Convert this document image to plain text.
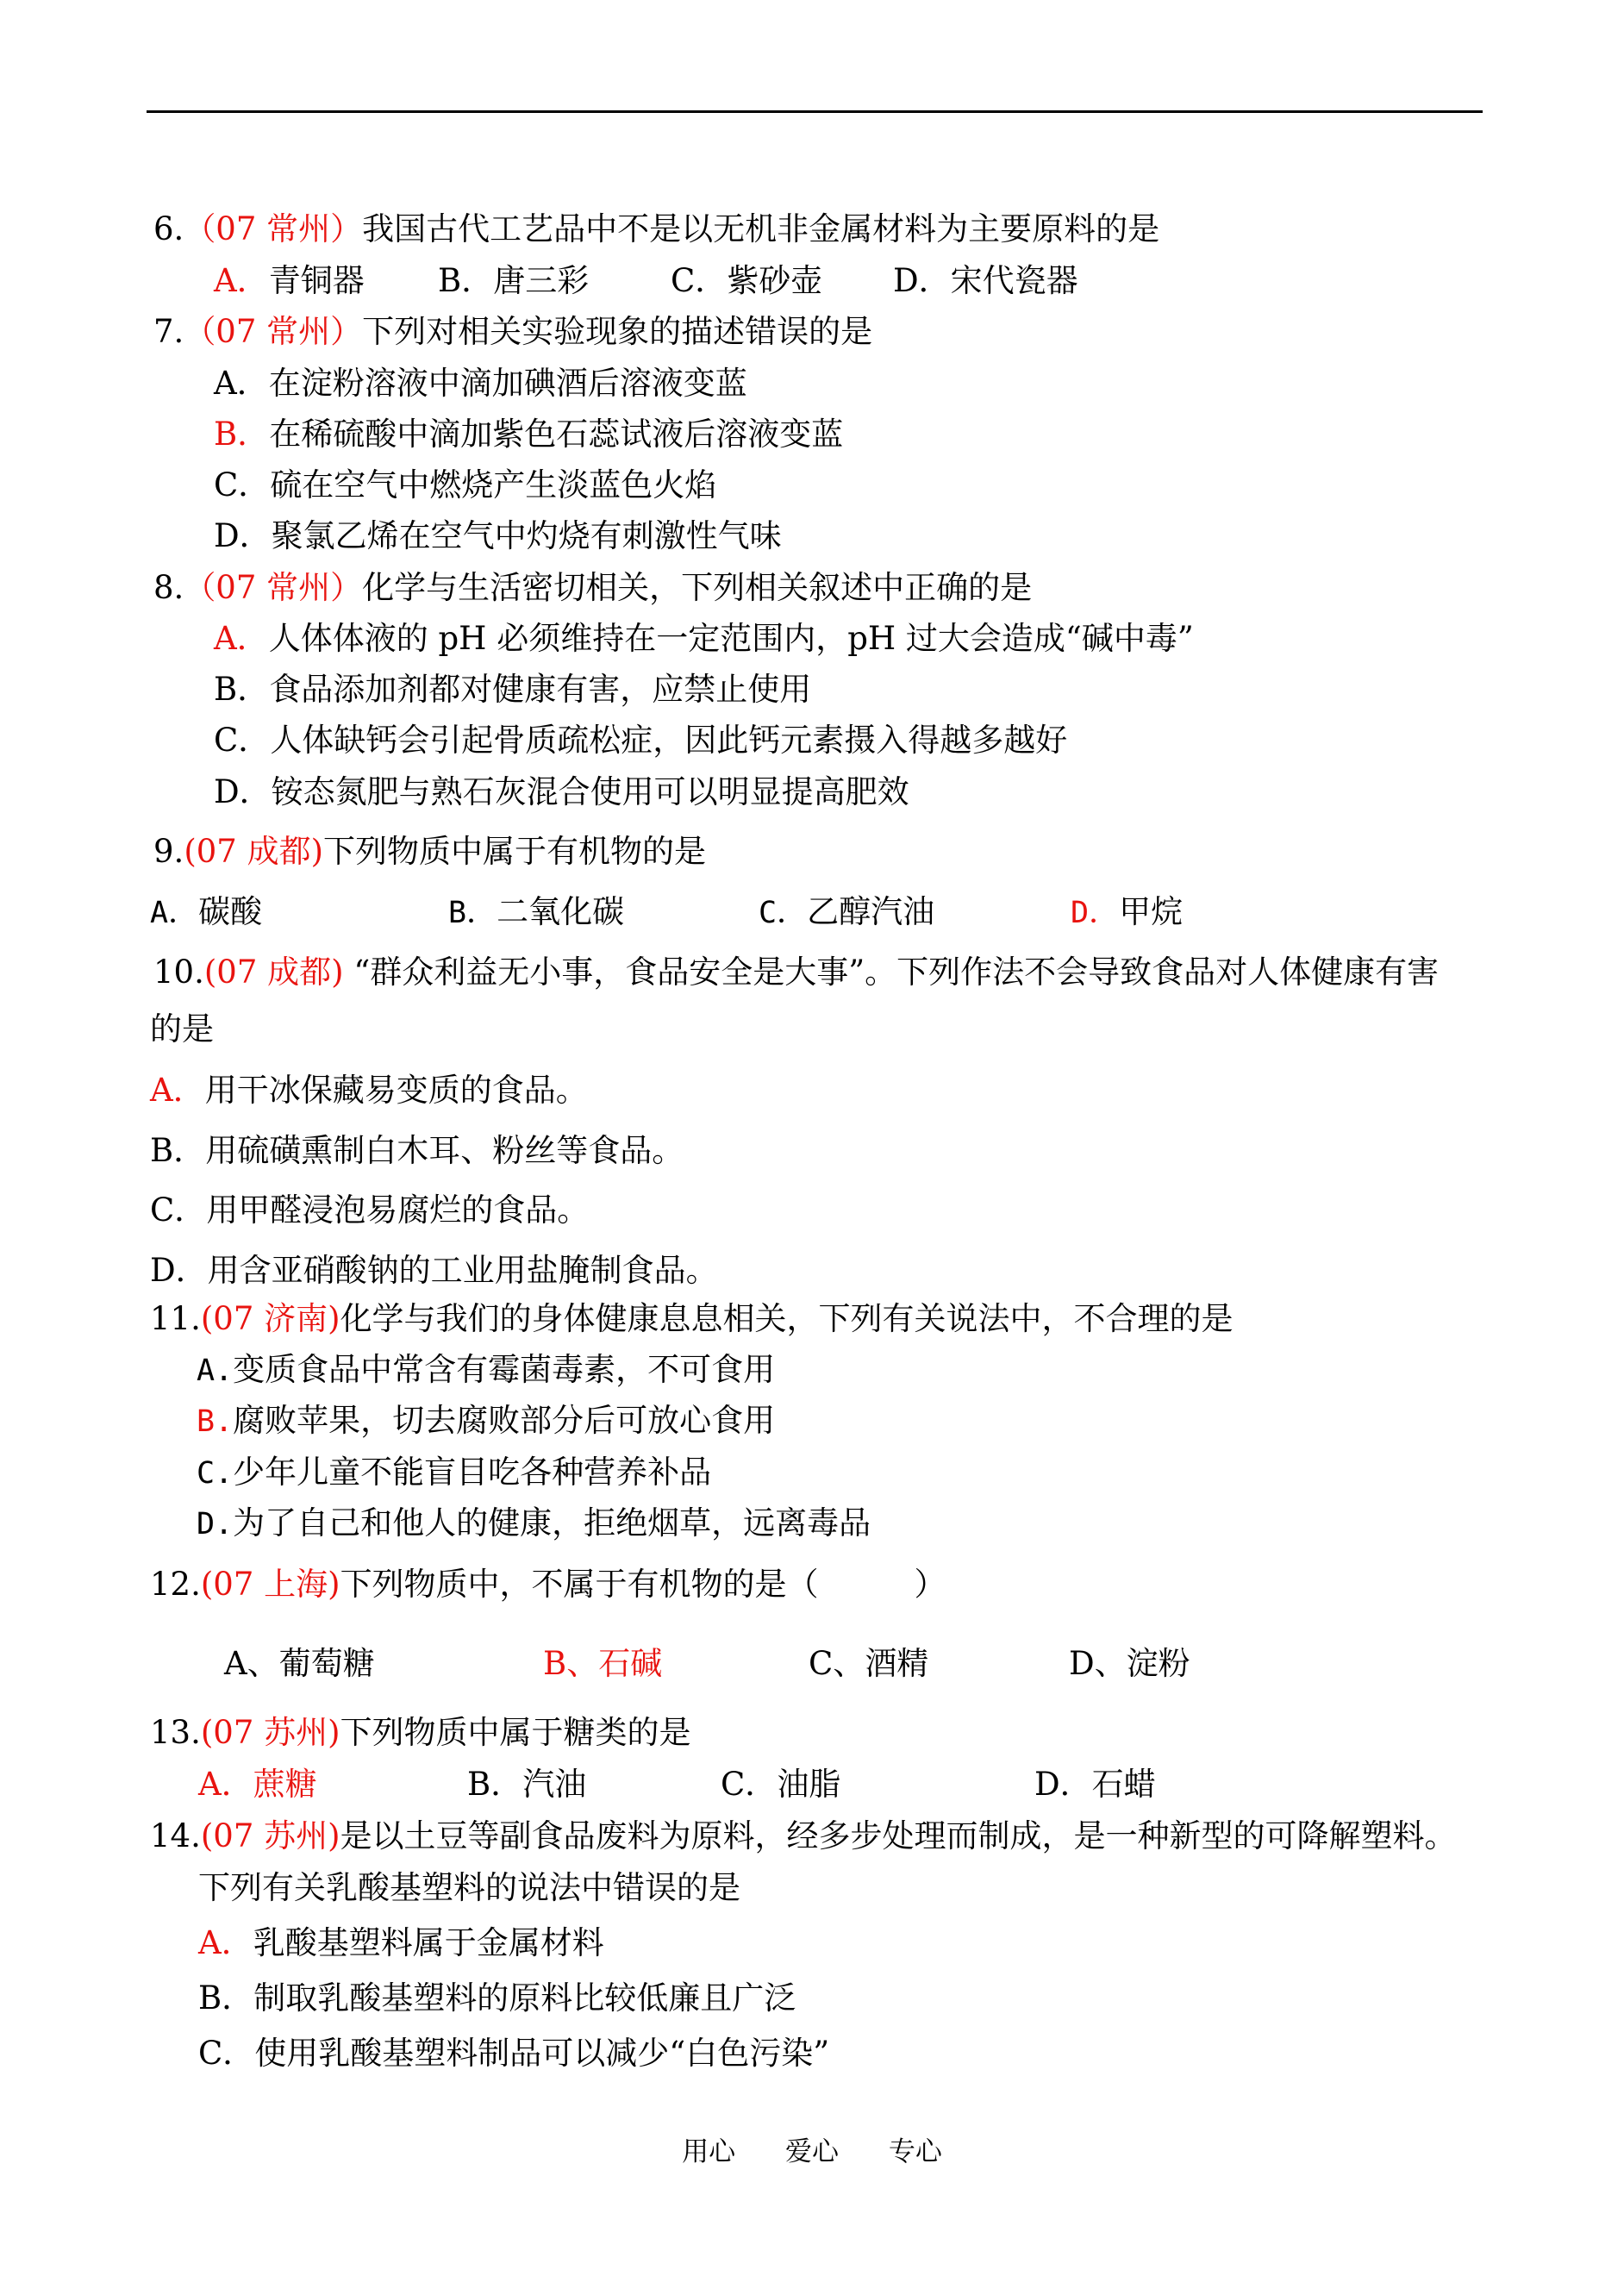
6.（07 常州）我国古代工艺品中不是以无机非金属材料为主要原料的是
A．青铜器 B．唐三彩	C．紫砂壶 D．宋代瓷器
7.（07 常州）下列对相关实验现象的描述错误的是
A．在淀粉溶液中滴加碘酒后溶液变蓝
B．在稀硫酸中滴加紫色石蕊试液后溶液变蓝
C．硫在空气中燃烧产生淡蓝色火焰
D．聚氯乙烯在空气中灼烧有刺激性气味
8.（07 常州）化学与生活密切相关，下列相关叙述中正确的是
A．人体体液的 pH 必须维持在一定范围内，pH 过大会造成“碱中毒”
B．食品添加剂都对健康有害，应禁止使用
C．人体缺钙会引起骨质疏松症，因此钙元素摄入得越多越好
D．铵态氮肥与熟石灰混合使用可以明显提高肥效
9.(07 成都)下列物质中属于有机物的是
A．碳酸	B．二氧化碳	C．乙醇汽油	D．甲烷
10.(07 成都) “群众利益无小事，食品安全是大事”。下列作法不会导致食品对人体健康有害
的是
A．用干冰保藏易变质的食品。
B．用硫磺熏制白木耳、粉丝等食品。
C．用甲醛浸泡易腐烂的食品。
D．用含亚硝酸钠的工业用盐腌制食品。
11.(07 济南)化学与我们的身体健康息息相关，下列有关说法中，不合理的是
A.变质食品中常含有霉菌毒素，不可食用
B.腐败苹果，切去腐败部分后可放心食用
C.少年儿童不能盲目吃各种营养补品
D.为了自己和他人的健康，拒绝烟草，远离毒品
12.(07 上海)下列物质中，不属于有机物的是（　　　）
A、葡萄糖	B、石碱	C、酒精	D、淀粉
13.(07 苏州)下列物质中属于糖类的是
A．蔗糖	B．汽油	C．油脂	D．石蜡
14.(07 苏州)是以土豆等副食品废料为原料，经多步处理而制成，是一种新型的可降解塑料。
下列有关乳酸基塑料的说法中错误的是
A．乳酸基塑料属于金属材料
B．制取乳酸基塑料的原料比较低廉且广泛
C．使用乳酸基塑料制品可以减少“白色污染”
用心 爱心 专心
